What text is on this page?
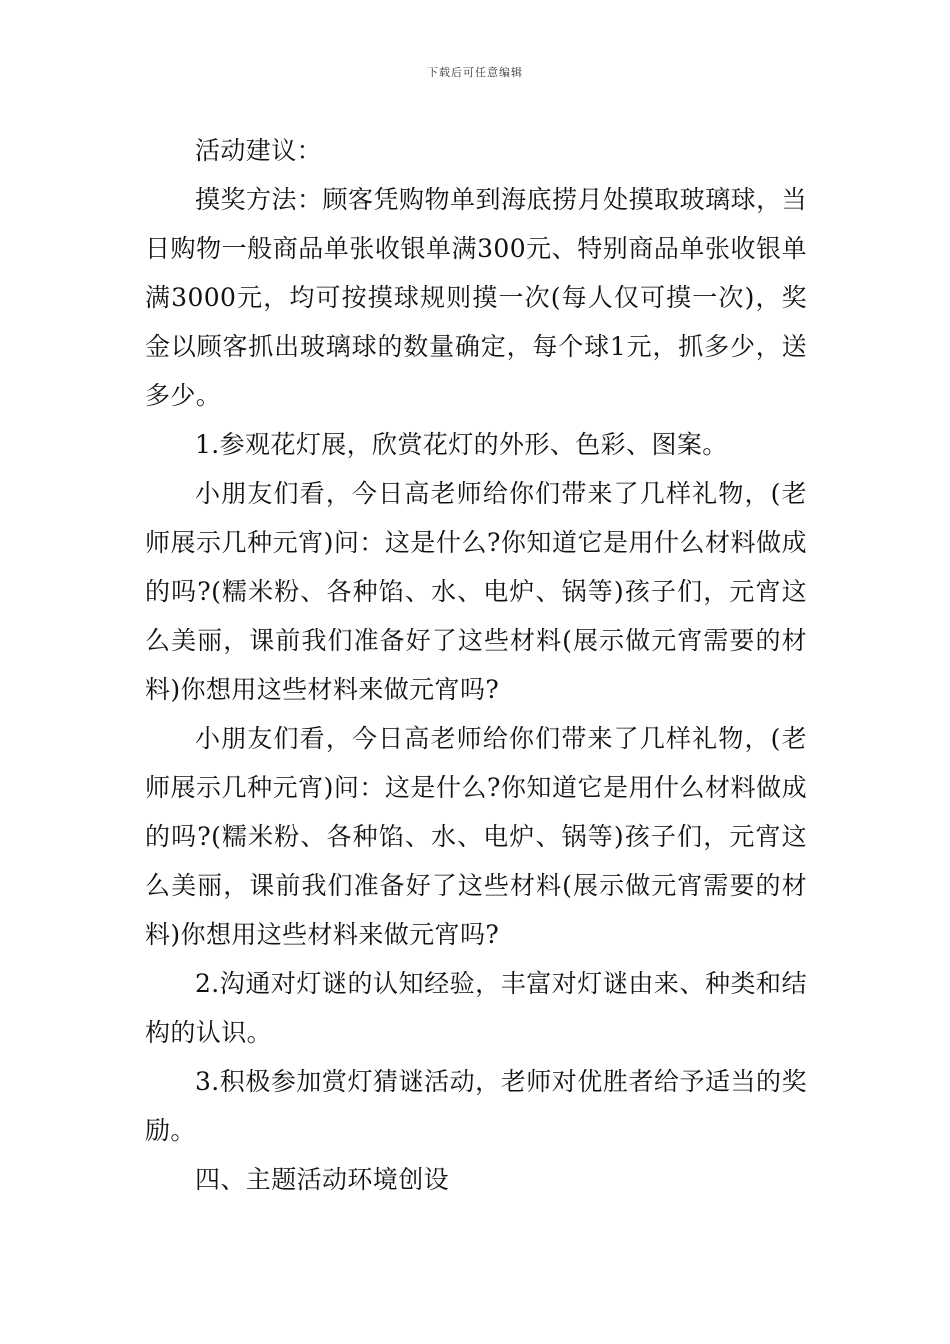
下载后可任意编辑

活动建议：

摸奖方法：顾客凭购物单到海底捞月处摸取玻璃球，当日购物一般商品单张收银单满300元、特别商品单张收银单满3000元，均可按摸球规则摸一次(每人仅可摸一次)，奖金以顾客抓出玻璃球的数量确定，每个球1元，抓多少，送多少。

1.参观花灯展，欣赏花灯的外形、色彩、图案。

小朋友们看，今日高老师给你们带来了几样礼物，(老师展示几种元宵)问：这是什么?你知道它是用什么材料做成的吗?(糯米粉、各种馅、水、电炉、锅等)孩子们，元宵这么美丽，课前我们准备好了这些材料(展示做元宵需要的材料)你想用这些材料来做元宵吗?

小朋友们看，今日高老师给你们带来了几样礼物，(老师展示几种元宵)问：这是什么?你知道它是用什么材料做成的吗?(糯米粉、各种馅、水、电炉、锅等)孩子们，元宵这么美丽，课前我们准备好了这些材料(展示做元宵需要的材料)你想用这些材料来做元宵吗?

2.沟通对灯谜的认知经验，丰富对灯谜由来、种类和结构的认识。

3.积极参加赏灯猜谜活动，老师对优胜者给予适当的奖励。

四、主题活动环境创设
